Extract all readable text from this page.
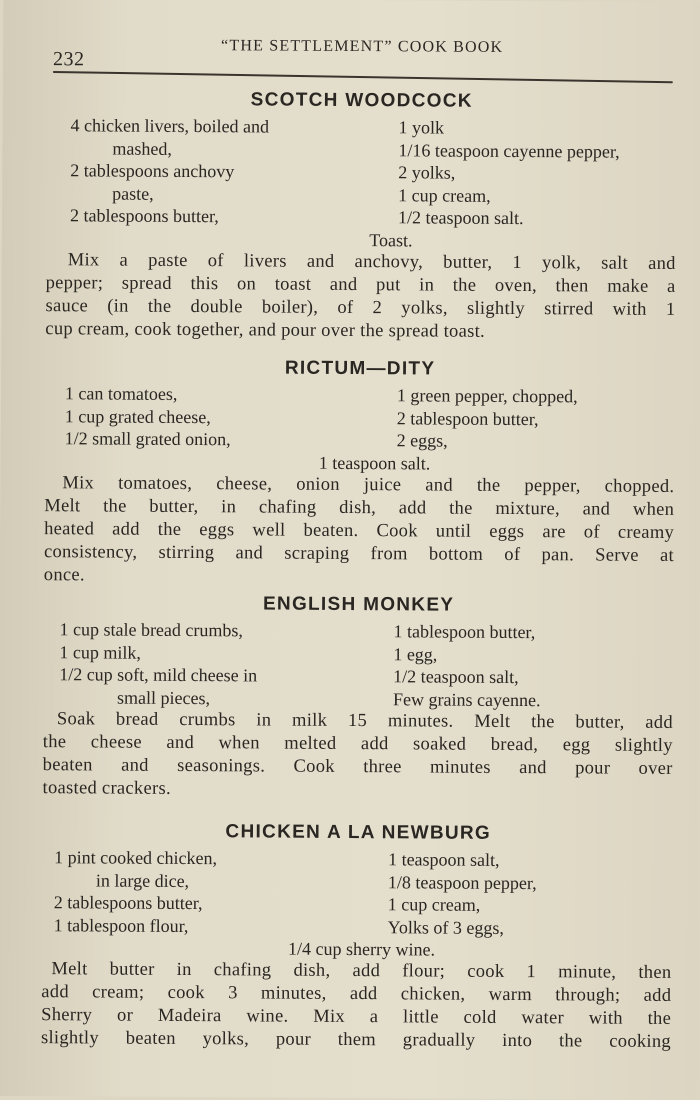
232
“THE SETTLEMENT” COOK BOOK
SCOTCH WOODCOCK
4 chicken livers, boiled and
mashed,
2 tablespoons anchovy
paste,
2 tablespoons butter,
1 yolk
1/16 teaspoon cayenne pepper,
2 yolks,
1 cup cream,
1/2 teaspoon salt.
Toast.

Mix a paste of livers and anchovy, butter, 1 yolk, salt and
pepper; spread this on toast and put in the oven, then make a
sauce (in the double boiler), of 2 yolks, slightly stirred with 1
cup cream, cook together, and pour over the spread toast.

RICTUM—DITY
1 can tomatoes,
1 cup grated cheese,
1/2 small grated onion,
1 green pepper, chopped,
2 tablespoon butter,
2 eggs,
1 teaspoon salt.

Mix tomatoes, cheese, onion juice and the pepper, chopped.
Melt the butter, in chafing dish, add the mixture, and when
heated add the eggs well beaten. Cook until eggs are of creamy
consistency, stirring and scraping from bottom of pan. Serve at
once.

ENGLISH MONKEY
1 cup stale bread crumbs,
1 cup milk,
1/2 cup soft, mild cheese in
small pieces,
1 tablespoon butter,
1 egg,
1/2 teaspoon salt,
Few grains cayenne.

Soak bread crumbs in milk 15 minutes. Melt the butter, add
the cheese and when melted add soaked bread, egg slightly
beaten and seasonings. Cook three minutes and pour over
toasted crackers.

CHICKEN A LA NEWBURG
1 pint cooked chicken,
in large dice,
2 tablespoons butter,
1 tablespoon flour,
1 teaspoon salt,
1/8 teaspoon pepper,
1 cup cream,
Yolks of 3 eggs,
1/4 cup sherry wine.

Melt butter in chafing dish, add flour; cook 1 minute, then
add cream; cook 3 minutes, add chicken, warm through; add
Sherry or Madeira wine. Mix a little cold water with the
slightly beaten yolks, pour them gradually into the cooking
